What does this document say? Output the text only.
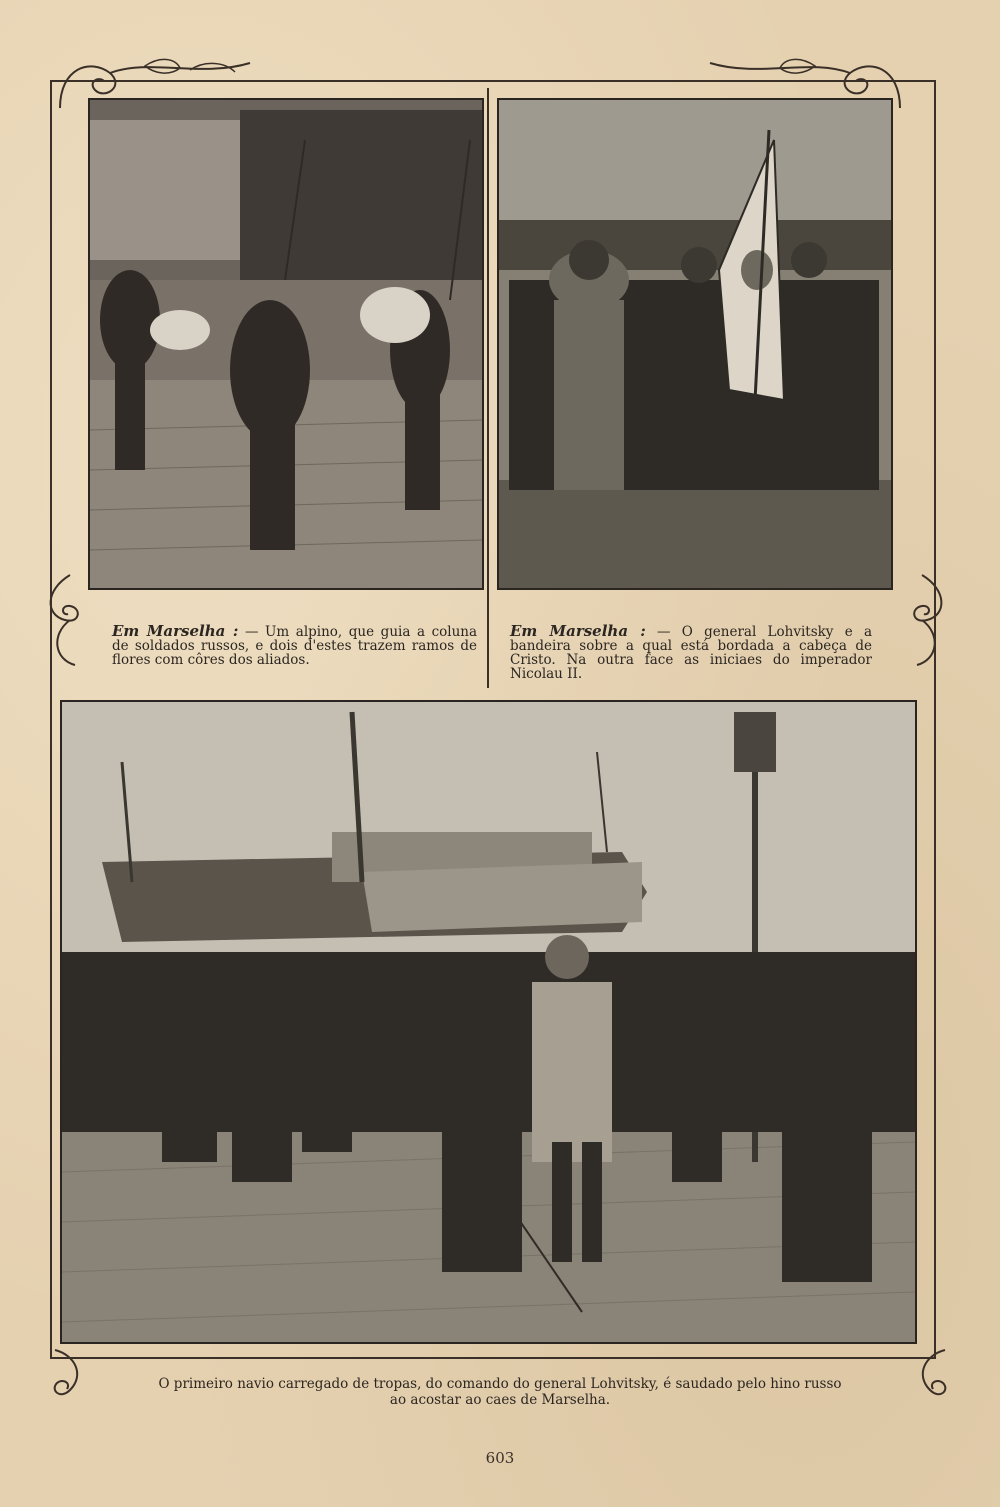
Em Marselha : — Um alpino, que guia a coluna de soldados russos, e dois d'estes trazem ramos de flores com côres dos aliados.
Em Marselha : — O general Lohvitsky e a bandeira sobre a qual está bordada a cabeça de Cristo. Na outra face as iniciaes do imperador Nicolau II.
O primeiro navio carregado de tropas, do comando do general Lohvitsky, é saudado pelo hino russo
ao acostar ao caes de Marselha.
603
